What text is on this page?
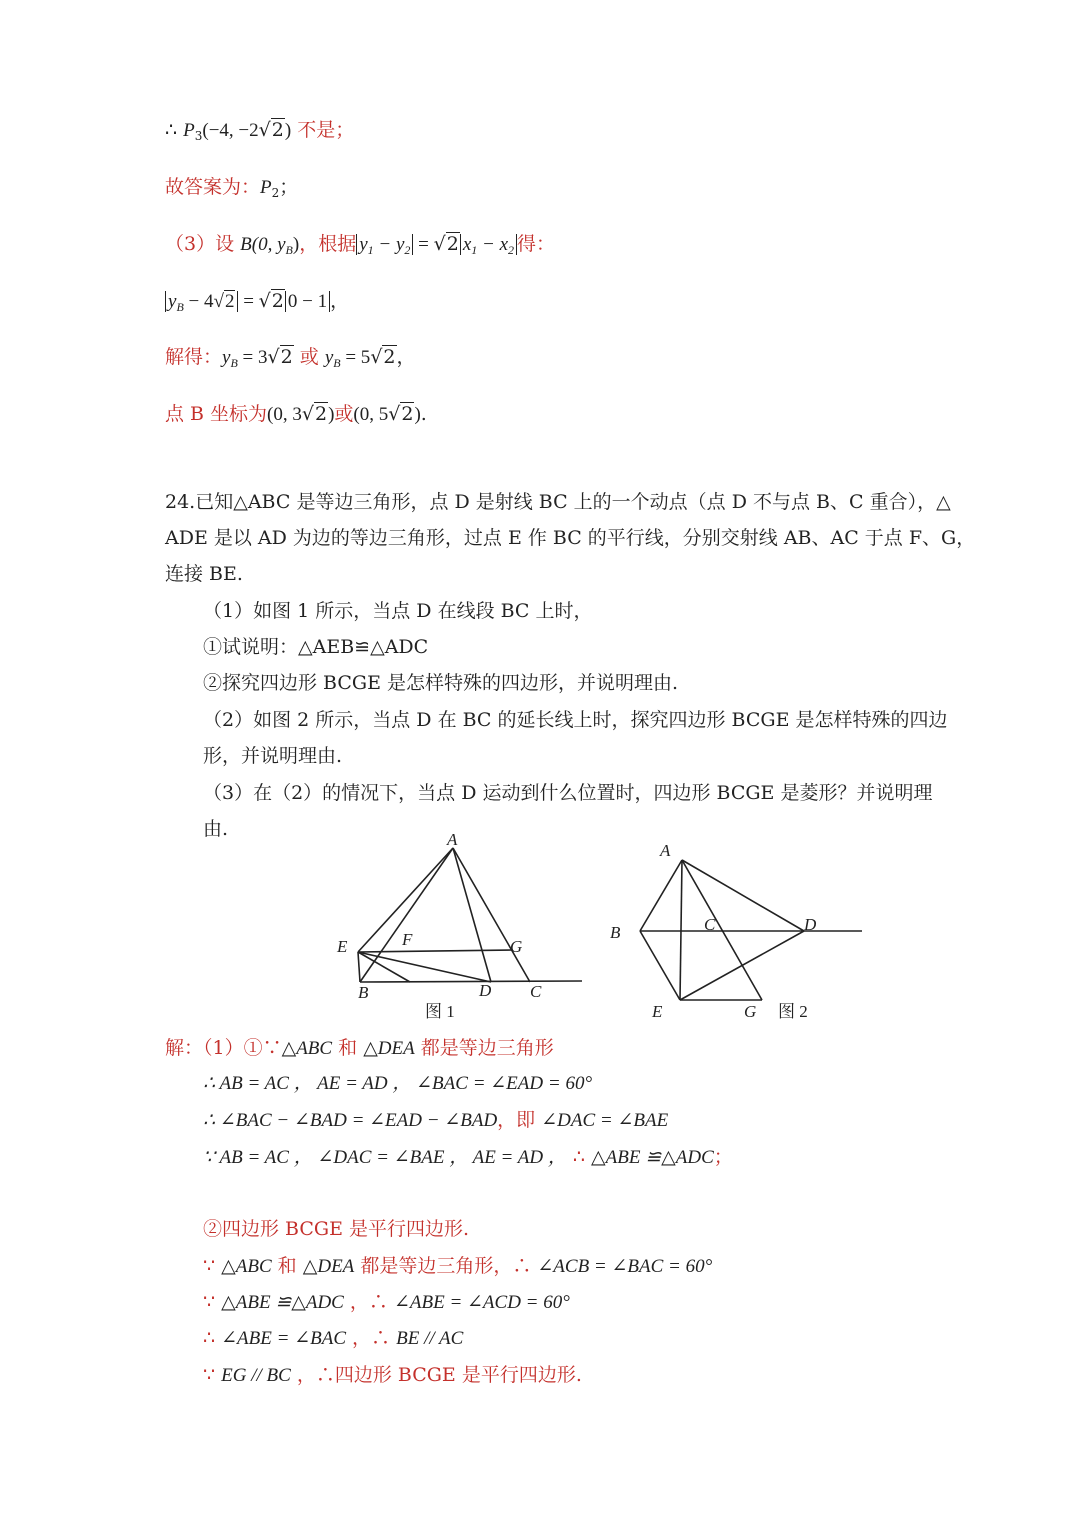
∴ $P_3(-4$, −2√2) 不是；
故答案为：$P_2$；
（3）设 B(0, $y_B$)，根据 $y_1 - y_2 = √2$ $x_1 - x_2$ 得：
$y_B - 4√2 = √2$ 0 − 1 ，
解得：$y_B = 3√2$ 或 $y_B = 5√2$，
点 B 坐标为(0, 3√2)或(0, 5√2).
24.已知△ABC 是等边三角形，点 D 是射线 BC 上的一个动点（点 D 不与点 B、C 重合），△
ADE 是以 AD 为边的等边三角形，过点 E 作 BC 的平行线，分别交射线 AB、AC 于点 F、G，
连接 BE.
（1）如图 1 所示，当点 D 在线段 BC 上时，
①试说明：△AEB≌△ADC
②探究四边形 BCGE 是怎样特殊的四边形，并说明理由.
（2）如图 2 所示，当点 D 在 BC 的延长线上时，探究四边形 BCGE 是怎样特殊的四边
形，并说明理由.
（3）在（2）的情况下，当点 D 运动到什么位置时，四边形 BCGE 是菱形？并说明理
由.	A
E	F	G
B	D C
图 1
A
B	C	D
E	G 图 2
解：（1）①∵△ABC 和 △DEA 都是等边三角形
∴ AB = AC ， AE = AD ， ∠BAC = ∠EAD = 60°
∴ ∠BAC − ∠BAD = ∠EAD − ∠BAD，即 ∠DAC = ∠BAE
∵ AB = AC ， ∠DAC = ∠BAE ， AE = AD ， ∴ △ABE ≌△ADC；
②四边形 BCGE 是平行四边形.
∵ △ABC 和 △DEA 都是等边三角形，∴ ∠ACB = ∠BAC = 60°
∵ △ABE ≌△ADC ，∴ ∠ABE = ∠ACD = 60°
∴ ∠ABE = ∠BAC ，∴ BE // AC
∵ EG // BC ，∴四边形 BCGE 是平行四边形.
